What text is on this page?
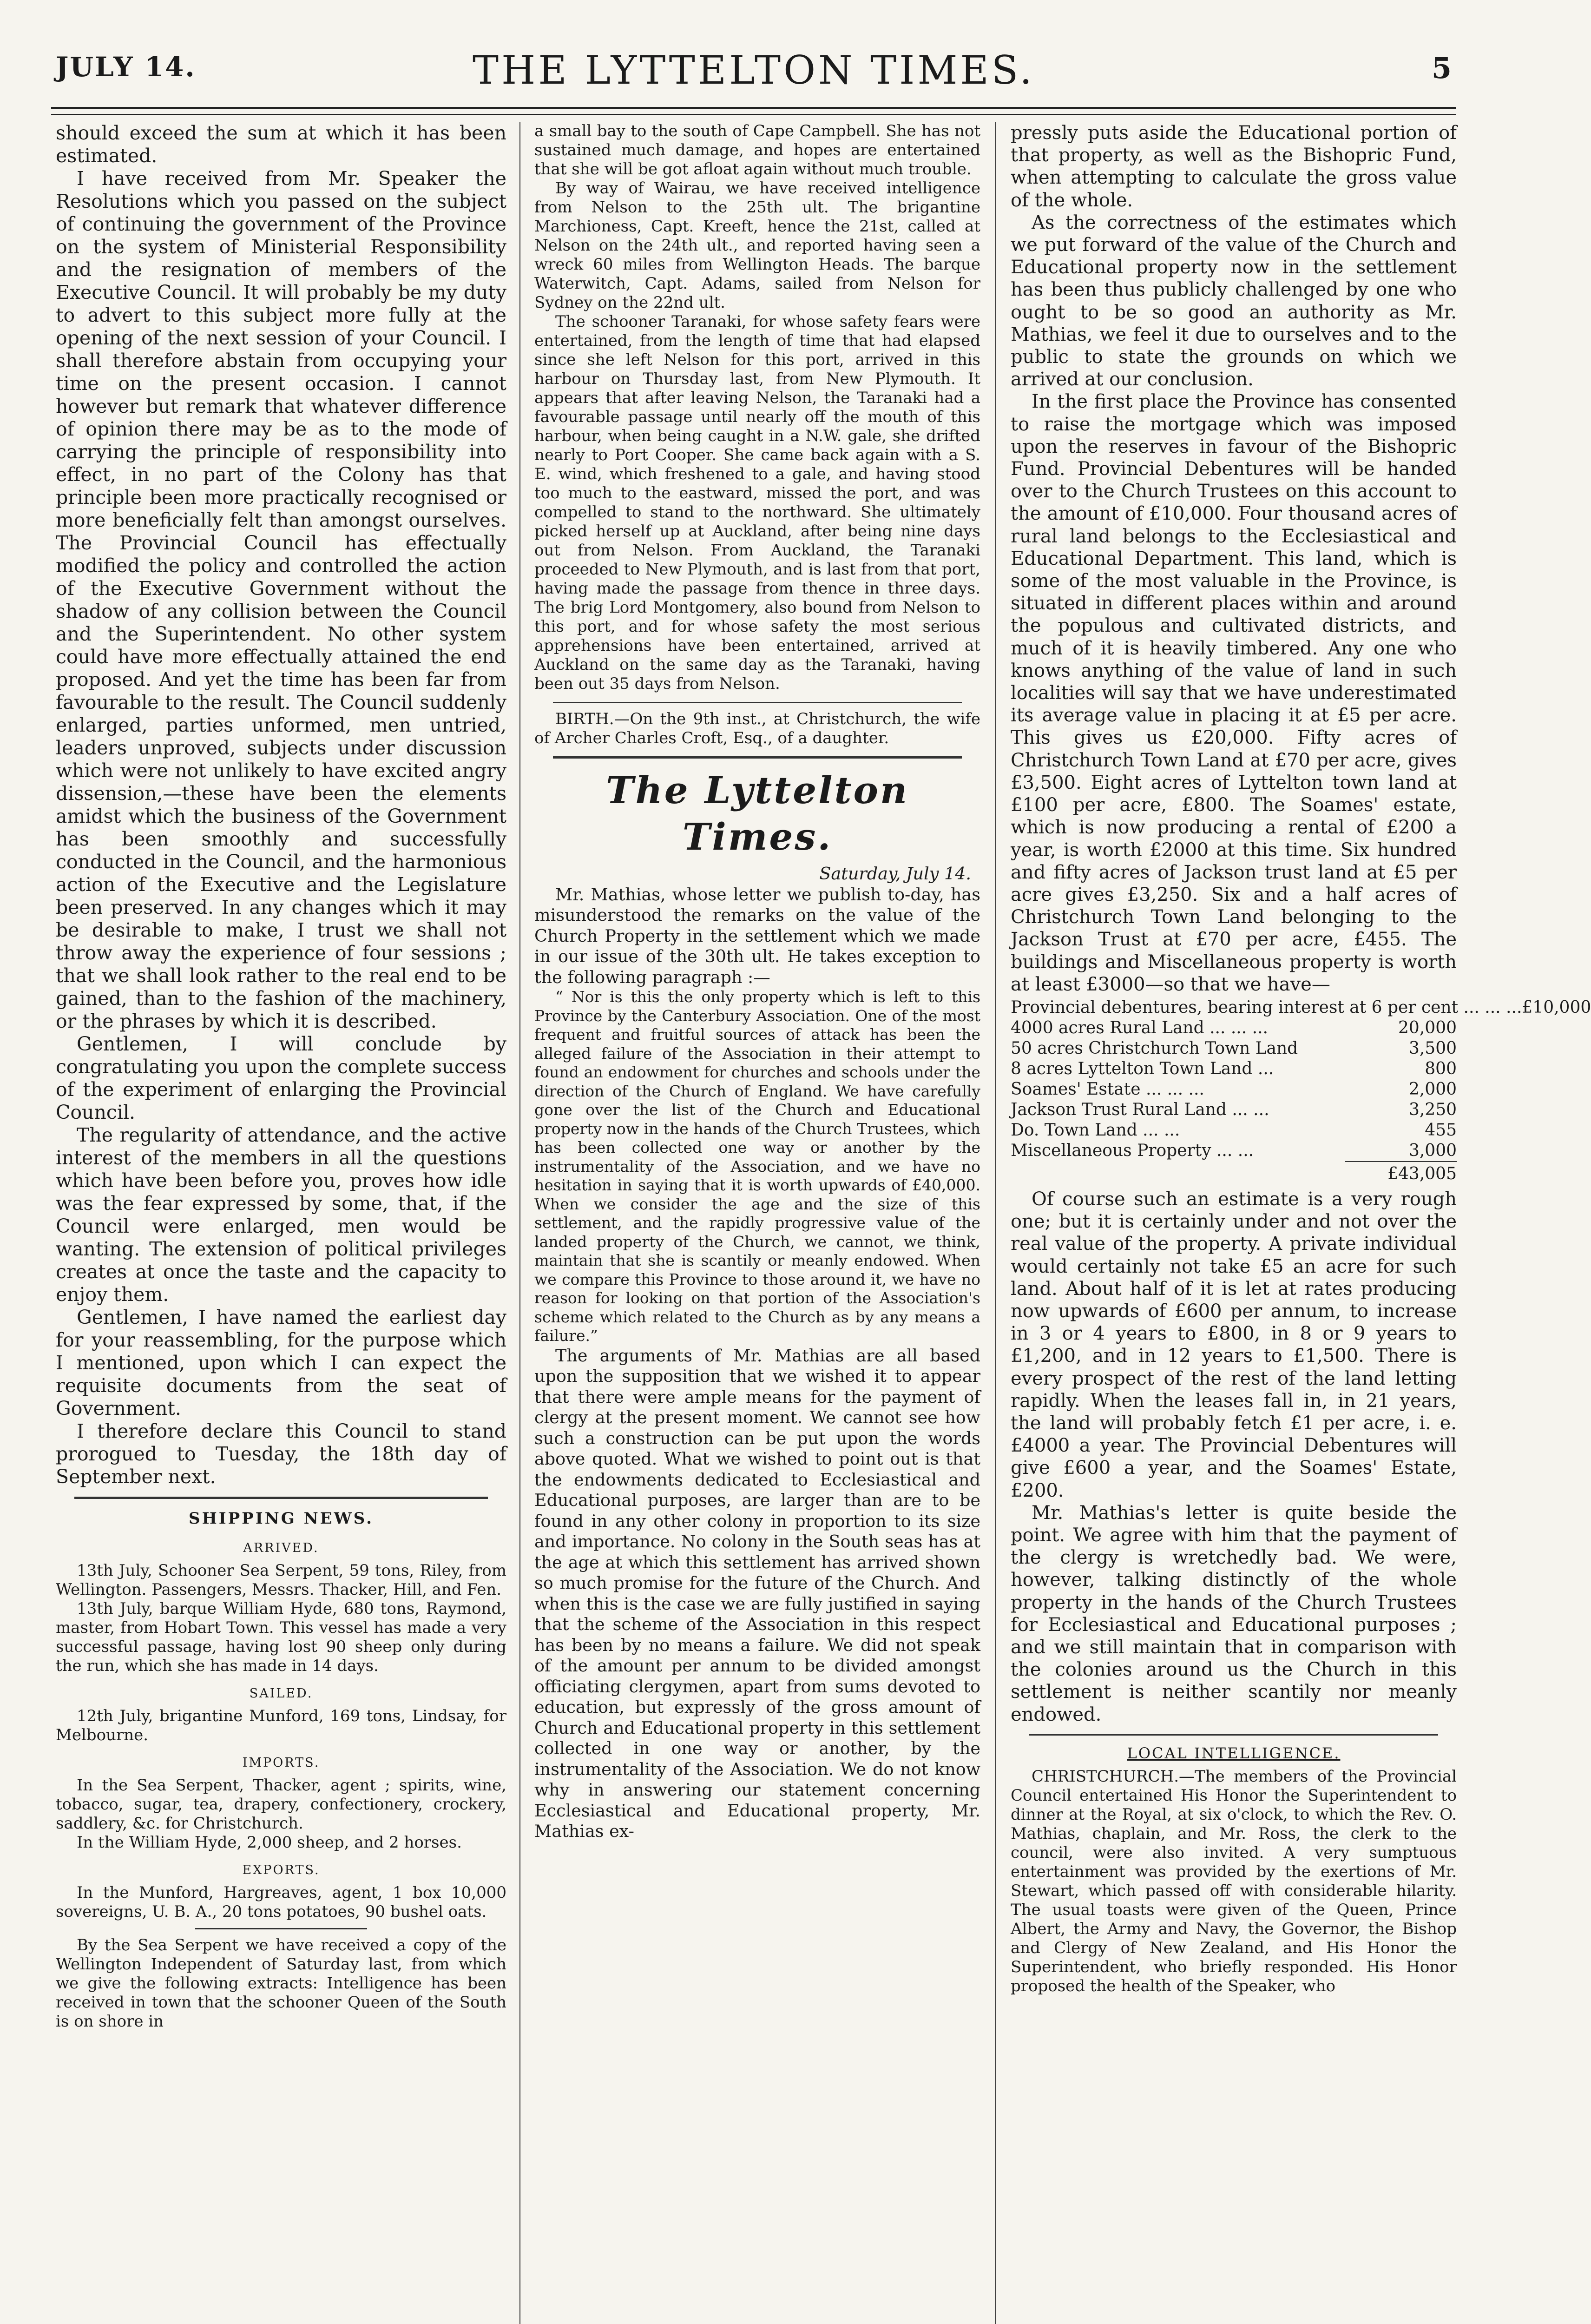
JULY 14.	THE LYTTELTON TIMES.	5

should exceed the sum at which it has been estimated.

I have received from Mr. Speaker the Resolutions which you passed on the subject of continuing the government of the Province on the system of Ministerial Responsibility and the resignation of members of the Executive Council. It will probably be my duty to advert to this subject more fully at the opening of the next session of your Council. I shall therefore abstain from occupying your time on the present occasion. I cannot however but remark that whatever difference of opinion there may be as to the mode of carrying the principle of responsibility into effect, in no part of the Colony has that principle been more practically recognised or more beneficially felt than amongst ourselves. The Provincial Council has effectually modified the policy and controlled the action of the Executive Government without the shadow of any collision between the Council and the Superintendent. No other system could have more effectually attained the end proposed. And yet the time has been far from favourable to the result. The Council suddenly enlarged, parties unformed, men untried, leaders unproved, subjects under discussion which were not unlikely to have excited angry dissension,—these have been the elements amidst which the business of the Government has been smoothly and successfully conducted in the Council, and the harmonious action of the Executive and the Legislature been preserved. In any changes which it may be desirable to make, I trust we shall not throw away the experience of four sessions ; that we shall look rather to the real end to be gained, than to the fashion of the machinery, or the phrases by which it is described.

Gentlemen, I will conclude by congratulating you upon the complete success of the experiment of enlarging the Provincial Council.

The regularity of attendance, and the active interest of the members in all the questions which have been before you, proves how idle was the fear expressed by some, that, if the Council were enlarged, men would be wanting. The extension of political privileges creates at once the taste and the capacity to enjoy them.

Gentlemen, I have named the earliest day for your reassembling, for the purpose which I mentioned, upon which I can expect the requisite documents from the seat of Government.

I therefore declare this Council to stand prorogued to Tuesday, the 18th day of September next.

SHIPPING NEWS.
ARRIVED.

13th July, Schooner Sea Serpent, 59 tons, Riley, from Wellington. Passengers, Messrs. Thacker, Hill, and Fen.

13th July, barque William Hyde, 680 tons, Raymond, master, from Hobart Town. This vessel has made a very successful passage, having lost 90 sheep only during the run, which she has made in 14 days.

SAILED.

12th July, brigantine Munford, 169 tons, Lindsay, for Melbourne.

IMPORTS.

In the Sea Serpent, Thacker, agent ; spirits, wine, tobacco, sugar, tea, drapery, confectionery, crockery, saddlery, &c. for Christchurch.

In the William Hyde, 2,000 sheep, and 2 horses.

EXPORTS.

In the Munford, Hargreaves, agent, 1 box 10,000 sovereigns, U. B. A., 20 tons potatoes, 90 bushel oats.

By the Sea Serpent we have received a copy of the Wellington Independent of Saturday last, from which we give the following extracts: Intelligence has been received in town that the schooner Queen of the South is on shore in

a small bay to the south of Cape Campbell. She has not sustained much damage, and hopes are entertained that she will be got afloat again without much trouble.

By way of Wairau, we have received intelligence from Nelson to the 25th ult. The brigantine Marchioness, Capt. Kreeft, hence the 21st, called at Nelson on the 24th ult., and reported having seen a wreck 60 miles from Wellington Heads. The barque Waterwitch, Capt. Adams, sailed from Nelson for Sydney on the 22nd ult.

The schooner Taranaki, for whose safety fears were entertained, from the length of time that had elapsed since she left Nelson for this port, arrived in this harbour on Thursday last, from New Plymouth. It appears that after leaving Nelson, the Taranaki had a favourable passage until nearly off the mouth of this harbour, when being caught in a N.W. gale, she drifted nearly to Port Cooper. She came back again with a S. E. wind, which freshened to a gale, and having stood too much to the eastward, missed the port, and was compelled to stand to the northward. She ultimately picked herself up at Auckland, after being nine days out from Nelson. From Auckland, the Taranaki proceeded to New Plymouth, and is last from that port, having made the passage from thence in three days. The brig Lord Montgomery, also bound from Nelson to this port, and for whose safety the most serious apprehensions have been entertained, arrived at Auckland on the same day as the Taranaki, having been out 35 days from Nelson.

BIRTH.—On the 9th inst., at Christchurch, the wife of Archer Charles Croft, Esq., of a daughter.

The Lyttelton Times.

Saturday, July 14.

Mr. Mathias, whose letter we publish to-day, has misunderstood the remarks on the value of the Church Property in the settlement which we made in our issue of the 30th ult. He takes exception to the following paragraph :—

“ Nor is this the only property which is left to this Province by the Canterbury Association. One of the most frequent and fruitful sources of attack has been the alleged failure of the Association in their attempt to found an endowment for churches and schools under the direction of the Church of England. We have carefully gone over the list of the Church and Educational property now in the hands of the Church Trustees, which has been collected one way or another by the instrumentality of the Association, and we have no hesitation in saying that it is worth upwards of £40,000. When we consider the age and the size of this settlement, and the rapidly progressive value of the landed property of the Church, we cannot, we think, maintain that she is scantily or meanly endowed. When we compare this Province to those around it, we have no reason for looking on that portion of the Association's scheme which related to the Church as by any means a failure.”

The arguments of Mr. Mathias are all based upon the supposition that we wished it to appear that there were ample means for the payment of clergy at the present moment. We cannot see how such a construction can be put upon the words above quoted. What we wished to point out is that the endowments dedicated to Ecclesiastical and Educational purposes, are larger than are to be found in any other colony in proportion to its size and importance. No colony in the South seas has at the age at which this settlement has arrived shown so much promise for the future of the Church. And when this is the case we are fully justified in saying that the scheme of the Association in this respect has been by no means a failure. We did not speak of the amount per annum to be divided amongst officiating clergymen, apart from sums devoted to education, but expressly of the gross amount of Church and Educational property in this settlement collected in one way or another, by the instrumentality of the Association. We do not know why in answering our statement concerning Ecclesiastical and Educational property, Mr. Mathias ex-

pressly puts aside the Educational portion of that property, as well as the Bishopric Fund, when attempting to calculate the gross value of the whole.

As the correctness of the estimates which we put forward of the value of the Church and Educational property now in the settlement has been thus publicly challenged by one who ought to be so good an authority as Mr. Mathias, we feel it due to ourselves and to the public to state the grounds on which we arrived at our conclusion.

In the first place the Province has consented to raise the mortgage which was imposed upon the reserves in favour of the Bishopric Fund. Provincial Debentures will be handed over to the Church Trustees on this account to the amount of £10,000. Four thousand acres of rural land belongs to the Ecclesiastical and Educational Department. This land, which is some of the most valuable in the Province, is situated in different places within and around the populous and cultivated districts, and much of it is heavily timbered. Any one who knows anything of the value of land in such localities will say that we have underestimated its average value in placing it at £5 per acre. This gives us £20,000. Fifty acres of Christchurch Town Land at £70 per acre, gives £3,500. Eight acres of Lyttelton town land at £100 per acre, £800. The Soames' estate, which is now producing a rental of £200 a year, is worth £2000 at this time. Six hundred and fifty acres of Jackson trust land at £5 per acre gives £3,250. Six and a half acres of Christchurch Town Land belonging to the Jackson Trust at £70 per acre, £455. The buildings and Miscellaneous property is worth at least £3000—so that we have—

Provincial debentures, bearing interest at 6 per cent ... ... ... £10,000
4000 acres Rural Land ... ... ...	20,000
50 acres Christchurch Town Land	3,500
8 acres Lyttelton Town Land ...	800
Soames' Estate ... ... ...	2,000
Jackson Trust Rural Land ... ...	3,250
Do. Town Land ... ...	455
Miscellaneous Property ... ...	3,000
£43,005

Of course such an estimate is a very rough one; but it is certainly under and not over the real value of the property. A private individual would certainly not take £5 an acre for such land. About half of it is let at rates producing now upwards of £600 per annum, to increase in 3 or 4 years to £800, in 8 or 9 years to £1,200, and in 12 years to £1,500. There is every prospect of the rest of the land letting rapidly. When the leases fall in, in 21 years, the land will probably fetch £1 per acre, i. e. £4000 a year. The Provincial Debentures will give £600 a year, and the Soames' Estate, £200.

Mr. Mathias's letter is quite beside the point. We agree with him that the payment of the clergy is wretchedly bad. We were, however, talking distinctly of the whole property in the hands of the Church Trustees for Ecclesiastical and Educational purposes ; and we still maintain that in comparison with the colonies around us the Church in this settlement is neither scantily nor meanly endowed.

LOCAL INTELLIGENCE.

CHRISTCHURCH.—The members of the Provincial Council entertained His Honor the Superintendent to dinner at the Royal, at six o'clock, to which the Rev. O. Mathias, chaplain, and Mr. Ross, the clerk to the council, were also invited. A very sumptuous entertainment was provided by the exertions of Mr. Stewart, which passed off with considerable hilarity. The usual toasts were given of the Queen, Prince Albert, the Army and Navy, the Governor, the Bishop and Clergy of New Zealand, and His Honor the Superintendent, who briefly responded. His Honor proposed the health of the Speaker, who
